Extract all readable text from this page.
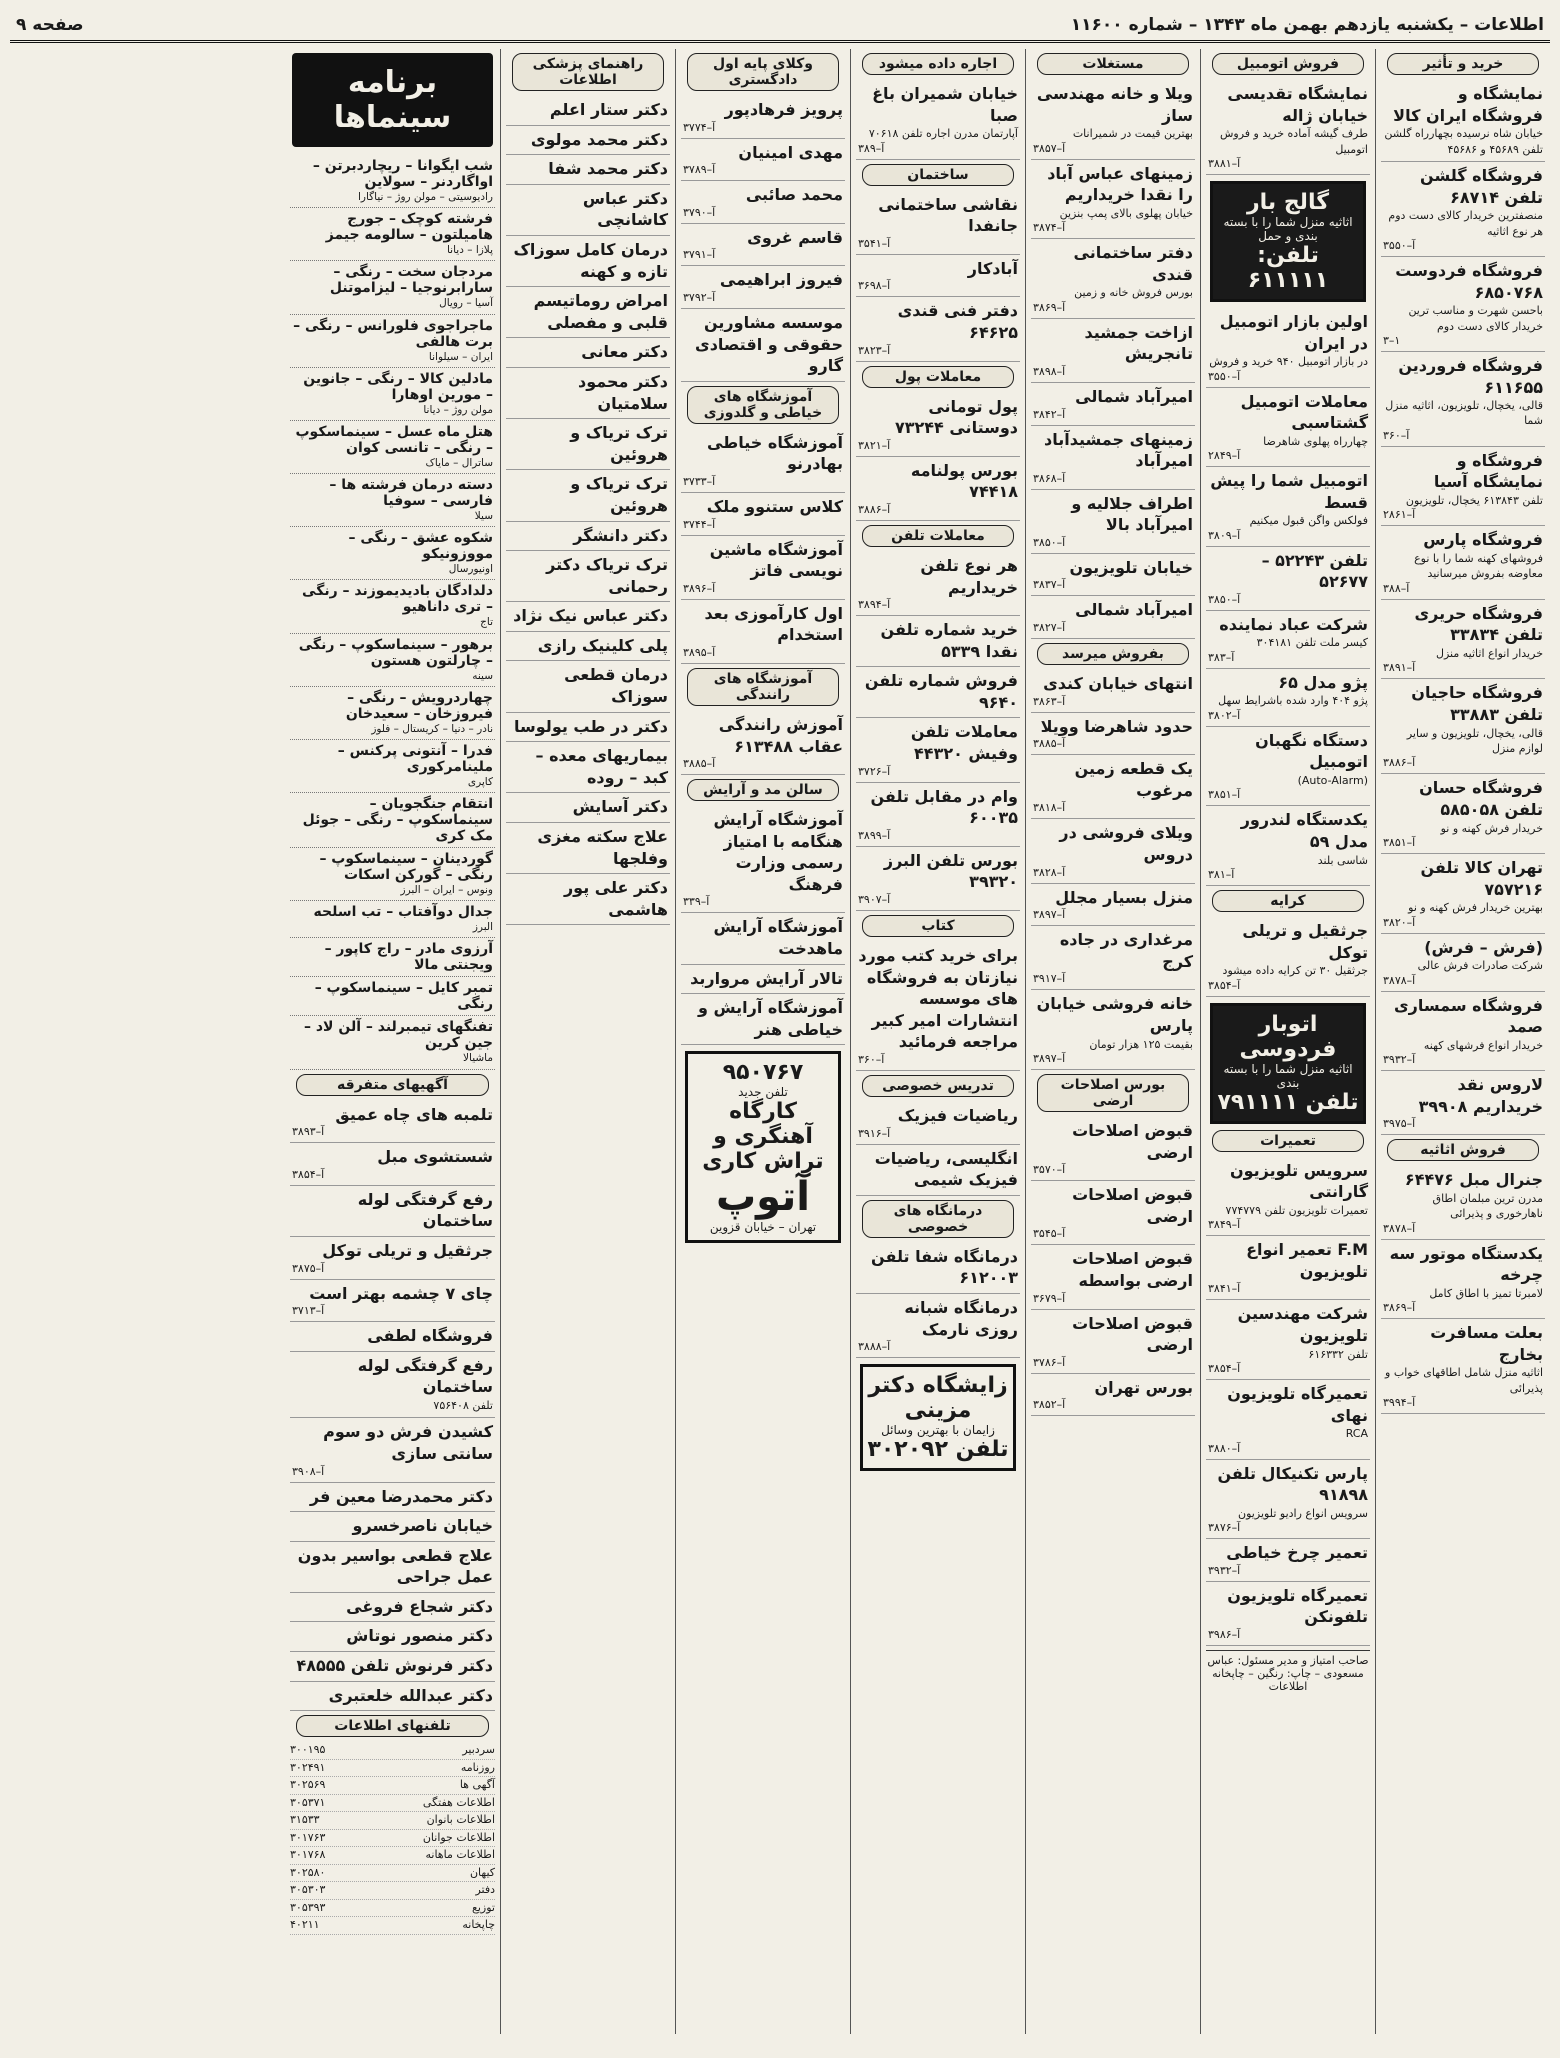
اطلاعات – یکشنبه یازدهم بهمن ماه ۱۳۴۳ – شماره ۱۱۶۰۰
صفحه ۹
خرید و تأثیر
نمایشگاه و فروشگاه ایران کالا
خیابان شاه نرسیده بچهارراه گلشن تلفن ۴۵۶۸۹ و ۴۵۶۸۶
فروشگاه گلشن تلفن ۶۸۷۱۴
منصفترین خریدار کالای دست دوم هر نوع اثاثیه
آ–۳۵۵۰
فروشگاه فردوست ۶۸۵۰۷۶۸
باحسن شهرت و مناسب ترین خریدار کالای دست دوم
۳–۱
فروشگاه فروردین ۶۱۱۶۵۵
قالی، یخچال، تلویزیون، اثاثیه منزل شما
۳۶۰–آ
فروشگاه و نمایشگاه آسیا
تلفن ۶۱۳۸۴۳ یخچال، تلویزیون
۲۸۶۱–آ
فروشگاه پارس
فروشهای کهنه شما را با نوع معاوضه بفروش میرسانید
۳۸۸–آ
فروشگاه حریری تلفن ۳۳۸۳۴
خریدار انواع اثاثیه منزل
۳۸۹۱–آ
فروشگاه حاجیان تلفن ۳۳۸۸۳
قالی، یخچال، تلویزیون و سایر لوازم منزل
۳۸۸۶–آ
فروشگاه حسان تلفن ۵۸۵۰۵۸
خریدار فرش کهنه و نو
۳۸۵۱–آ
تهران کالا تلفن ۷۵۷۲۱۶
بهترین خریدار فرش کهنه و نو
۳۸۲۰–آ
(فرش – فرش)
شرکت صادرات فرش عالی
۳۸۷۸–آ
فروشگاه سمساری صمد
خریدار انواع فرشهای کهنه
۳۹۳۲–آ
لاروس نقد خریداریم ۳۹۹۰۸
۳۹۷۵–آ
فروش اثاثیه
جنرال مبل ۶۴۴۷۶
مدرن ترین مبلمان اطاق ناهارخوری و پذیرائی
۳۸۷۸–آ
یکدستگاه موتور سه چرخه
لامبرتا تمیز با اطاق کامل
۳۸۶۹–آ
بعلت مسافرت بخارج
اثاثیه منزل شامل اطاقهای خواب و پذیرائی
۳۹۹۴–آ
فروش اتومبیل
نمایشگاه تقدیسی خیابان ژاله
طرف گیشه آماده خرید و فروش اتومبیل
۳۸۸۱–آ
گالج بار
اثاثیه منزل شما را با بسته بندی و حمل
تلفن: ۶۱۱۱۱۱
اولین بازار اتومبیل در ایران
در بازار اتومبیل ۹۴۰ خرید و فروش
۳۵۵۰–آ
معاملات اتومبیل گشتاسبی
چهارراه پهلوی شاهرضا
۲۸۴۹–آ
اتومبیل شما را پیش قسط
فولکس واگن قبول میکنیم
۳۸۰۹–آ
تلفن ۵۲۲۴۳ – ۵۲۶۷۷
۳۸۵۰–آ
شرکت عباد نماینده
کیسر ملت تلفن ۳۰۴۱۸۱
۳۸۳–آ
پژو مدل ۶۵
پژو ۴۰۴ وارد شده باشرایط سهل
۳۸۰۲–آ
دستگاه نگهبان اتومبیل
(Auto-Alarm)
۳۸۵۱–آ
یکدستگاه لندرور مدل ۵۹
شاسی بلند
۳۸۱–آ
کرایه
جرثقیل و تریلی توکل
جرثقیل ۳۰ تن کرایه داده میشود
۳۸۵۴–آ
اتوبار فردوسی
اثاثیه منزل شما را با بسته بندی
تلفن ۷۹۱۱۱۱
تعمیرات
سرویس تلویزیون گارانتی
تعمیرات تلویزیون تلفن ۷۷۴۷۷۹
۳۸۴۹–آ
F.M تعمیر انواع تلویزیون
۳۸۴۱–آ
شرکت مهندسین تلویزیون
تلفن ۶۱۶۳۳۲
۳۸۵۴–آ
تعمیرگاه تلویزیون نهای
RCA
۳۸۸۰–آ
پارس تکنیکال تلفن ۹۱۸۹۸
سرویس انواع رادیو تلویزیون
۳۸۷۶–آ
تعمیر چرخ خیاطی
۳۹۳۲–آ
تعمیرگاه تلویزیون تلفونکن
۳۹۸۶–آ
صاحب امتیاز و مدیر مسئول: عباس مسعودی – چاپ: رنگین – چاپخانه اطلاعات
مستغلات
ویلا و خانه مهندسی ساز
بهترین قیمت در شمیرانات
۳۸۵۷–آ
زمینهای عباس آباد را نقدا خریداریم
خیابان پهلوی بالای پمپ بنزین
۳۸۷۴–آ
دفتر ساختمانی قندی
بورس فروش خانه و زمین
۳۸۶۹–آ
ازاخت جمشید تانجریش
۳۸۹۸–آ
امیرآباد شمالی
۳۸۴۲–آ
زمینهای جمشیدآباد امیرآباد
۳۸۶۸–آ
اطراف جلالیه و امیرآباد بالا
۳۸۵۰–آ
خیابان تلویزیون
۳۸۳۷–آ
امیرآباد شمالی
۳۸۲۷–آ
بفروش میرسد
انتهای خیابان کندی
۳۸۶۳–آ
حدود شاهرضا وویلا
۳۸۸۵–آ
یک قطعه زمین مرغوب
۳۸۱۸–آ
ویلای فروشی در دروس
۳۸۲۸–آ
منزل بسیار مجلل
۳۸۹۷–آ
مرغداری در جاده کرج
۳۹۱۷–آ
خانه فروشی خیابان پارس
بقیمت ۱۲۵ هزار تومان
۳۸۹۷–آ
بورس اصلاحات ارضی
قبوض اصلاحات ارضی
۳۵۷۰–آ
قبوض اصلاحات ارضی
۳۵۴۵–آ
قبوض اصلاحات ارضی بواسطه
۳۶۷۹–آ
قبوض اصلاحات ارضی
۳۷۸۶–آ
بورس تهران
۳۸۵۲–آ
اجاره داده میشود
خیابان شمیران باغ صبا
آپارتمان مدرن اجاره تلفن ۷۰۶۱۸
۳۸۹–آ
ساختمان
نقاشی ساختمانی جانفدا
۳۵۴۱–آ
آبادکار
۳۶۹۸–آ
دفتر فنی قندی ۶۴۶۲۵
۳۸۲۳–آ
معاملات پول
پول تومانی دوستانی ۷۳۲۴۴
۳۸۲۱–آ
بورس پولنامه ۷۴۴۱۸
۳۸۸۶–آ
معاملات تلفن
هر نوع تلفن خریداریم
۳۸۹۴–آ
خرید شماره تلفن نقدا ۵۳۳۹
فروش شماره تلفن ۹۶۴۰
معاملات تلفن وفیش ۴۴۳۲۰
۳۷۲۶–آ
وام در مقابل تلفن ۶۰۰۳۵
۳۸۹۹–آ
بورس تلفن البرز ۳۹۳۲۰
۳۹۰۷–آ
کتاب
برای خرید کتب مورد نیازتان به فروشگاه های موسسه انتشارات امیر کبیر مراجعه فرمائید
۳۶۰–آ
تدریس خصوصی
ریاضیات فیزیک
۳۹۱۶–آ
انگلیسی، ریاضیات فیزیک شیمی
درمانگاه های خصوصی
درمانگاه شفا تلفن ۶۱۲۰۰۳
درمانگاه شبانه روزی نارمک
۳۸۸۸–آ
زایشگاه دکتر مزینی
زایمان با بهترین وسائل
تلفن ۳۰۲۰۹۲
وکلای پایه اول دادگستری
پرویز فرهادپور
۳۷۷۴–آ
مهدی امینیان
۳۷۸۹–آ
محمد صائبی
۳۷۹۰–آ
قاسم غروی
۳۷۹۱–آ
فیروز ابراهیمی
۳۷۹۲–آ
موسسه مشاورین حقوقی و اقتصادی گارو
آموزشگاه های خیاطی و گلدوزی
آموزشگاه خیاطی بهادرنو
۳۷۳۳–آ
کلاس ستنوو ملک
۳۷۴۴–آ
آموزشگاه ماشین نویسی فاتز
۳۸۹۶–آ
اول کارآموزی بعد استخدام
۳۸۹۵–آ
آموزشگاه های رانندگی
آموزش رانندگی عقاب ۶۱۳۴۸۸
۳۸۸۵–آ
سالن مد و آرایش
آموزشگاه آرایش هنگامه با امتیاز رسمی وزارت فرهنگ
۳۳۹–آ
آموزشگاه آرایش ماهدخت
تالار آرایش مرواربد
آموزشگاه آرایش و خیاطی هنر
۹۵۰۷۶۷
تلفن جدید
کارگاه آهنگری و تراش کاری
آتوپ
تهران – خیابان قزوین
راهنمای پزشکی اطلاعات
دکتر ستار اعلم
دکتر محمد مولوی
دکتر محمد شفا
دکتر عباس کاشانچی
درمان کامل سوزاک تازه و کهنه
امراض روماتیسم قلبی و مفصلی
دکتر معانی
دکتر محمود سلامتیان
ترک تریاک و هروئین
ترک تریاک و هروئین
دکتر دانشگر
ترک تریاک دکتر رحمانی
دکتر عباس نیک نژاد
پلی کلینیک رازی
درمان قطعی سوزاک
دکتر در طب یولوسا
بیماریهای معده – کبد – روده
دکتر آسایش
علاج سکته مغزی وفلجها
دکتر علی پور هاشمی
برنامه سینماها
شب ایگوانا – ریچاردبرتن – اواگاردنر – سولاین
رادیوسیتی – مولن روژ – نیاگارا
فرشته کوچک – جورج هامیلتون – سالومه جیمز
پلازا – دیانا
مردجان سخت – رنگی – سارابرنوجیا – لیزاموتنل
آسیا – رویال
ماجراجوی فلورانس – رنگی – برت هالفی
ایران – سیلوانا
مادلین کالا – رنگی – جانوین – مورین اوهارا
مولن روژ – دیانا
هتل ماه عسل – سینماسکوپ – رنگی – تانسی کوان
ساترال – مایاک
دسته درمان فرشته ها – فارسی – سوفیا
سیلا
شکوه عشق – رنگی – مووزونیکو
اونیورسال
دلدادگان بادیدیموزند – رنگی – تری داناهیو
تاج
برهور – سینماسکوپ – رنگی – چارلتون هستون
سینه
چهاردرویش – رنگی – فیروزخان – سعیدخان
نادر – دنیا – کریستال – فلوز
فدرا – آنتونی پرکنس – ملینامرکوری
کاپری
انتقام جنگجویان – سینماسکوپ – رنگی – جوئل مک کری
گوردینان – سینماسکوپ – رنگی – گورکن اسکات
ونوس – ایران – البرز
جدال دوآفتاب – تب اسلحه
البرز
آرزوی مادر – راج کاپور – ویجنتی مالا
تمبر کایل – سینماسکوپ – رنگی
تفنگهای تیمبرلند – آلن لاد – جین کرین
ماشیالا
آگهیهای متفرقه
تلمبه های چاه عمیق
۳۸۹۳–آ
شستشوی مبل
۳۸۵۴–آ
رفع گرفتگی لوله ساختمان
جرثقیل و تریلی توکل
۳۸۷۵–آ
چای ۷ چشمه بهتر است
۳۷۱۳–آ
فروشگاه لطفی
رفع گرفتگی لوله ساختمان
تلفن ۷۵۶۴۰۸
کشیدن فرش دو سوم سانتی سازی
۳۹۰۸–آ
دکتر محمدرضا معین فر
خیابان ناصرخسرو
علاج قطعی بواسیر بدون عمل جراحی
دکتر شجاع فروغی
دکتر منصور نوتاش
دکتر فرنوش تلفن ۴۸۵۵۵
دکتر عبدالله خلعتبری
تلفنهای اطلاعات
سردبیر
۳۰۰۱۹۵
روزنامه
۳۰۲۴۹۱
آگهی ها
۳۰۲۵۶۹
اطلاعات هفتگی
۳۰۵۳۷۱
اطلاعات بانوان
۳۱۵۳۳
اطلاعات جوانان
۳۰۱۷۶۳
اطلاعات ماهانه
۳۰۱۷۶۸
کیهان
۳۰۲۵۸۰
دفتر
۳۰۵۳۰۳
توزیع
۳۰۵۳۹۳
چاپخانه
۴۰۲۱۱
